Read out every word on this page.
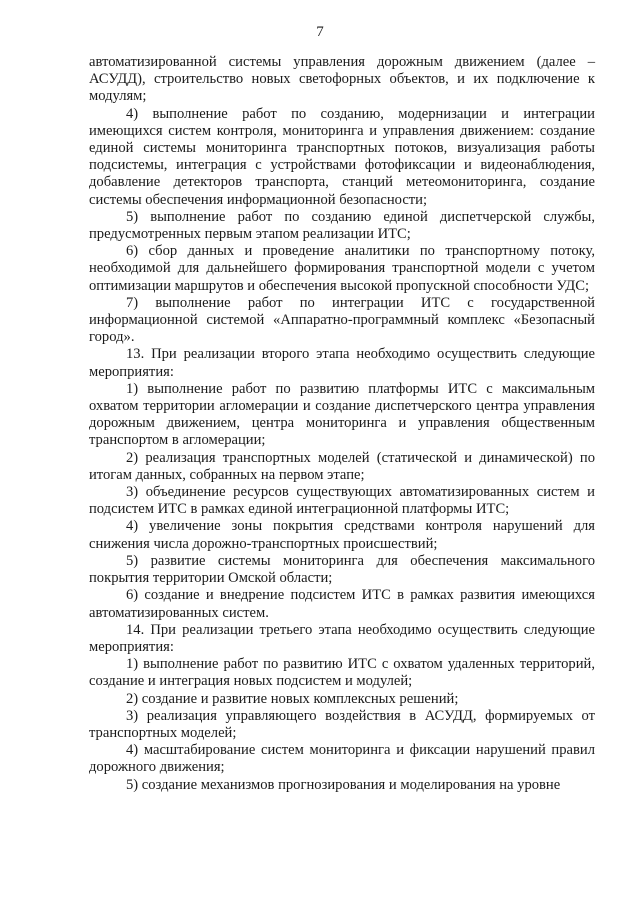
7

автоматизированной системы управления дорожным движением (далее – АСУДД), строительство новых светофорных объектов, и их подключение к модулям;

4) выполнение работ по созданию, модернизации и интеграции имеющихся систем контроля, мониторинга и управления движением: создание единой системы мониторинга транспортных потоков, визуализация работы подсистемы, интеграция с устройствами фотофиксации и видеонаблюдения, добавление детекторов транспорта, станций метеомониторинга, создание системы обеспечения информационной безопасности;

5) выполнение работ по созданию единой диспетчерской службы, предусмотренных первым этапом реализации ИТС;

6) сбор данных и проведение аналитики по транспортному потоку, необходимой для дальнейшего формирования транспортной модели с учетом оптимизации маршрутов и обеспечения высокой пропускной способности УДС;

7) выполнение работ по интеграции ИТС с государственной информационной системой «Аппаратно-программный комплекс «Безопасный город».

13. При реализации второго этапа необходимо осуществить следующие мероприятия:

1) выполнение работ по развитию платформы ИТС с максимальным охватом территории агломерации и создание диспетчерского центра управления дорожным движением, центра мониторинга и управления общественным транспортом в агломерации;

2) реализация транспортных моделей (статической и динамической) по итогам данных, собранных на первом этапе;

3) объединение ресурсов существующих автоматизированных систем и подсистем ИТС в рамках единой интеграционной платформы ИТС;

4) увеличение зоны покрытия средствами контроля нарушений для снижения числа дорожно-транспортных происшествий;

5) развитие системы мониторинга для обеспечения максимального покрытия территории Омской области;

6) создание и внедрение подсистем ИТС в рамках развития имеющихся автоматизированных систем.

14. При реализации третьего этапа необходимо осуществить следующие мероприятия:

1) выполнение работ по развитию ИТС с охватом удаленных территорий, создание и интеграция новых подсистем и модулей;

2) создание и развитие новых комплексных решений;

3) реализация управляющего воздействия в АСУДД, формируемых от транспортных моделей;

4) масштабирование систем мониторинга и фиксации нарушений правил дорожного движения;

5) создание механизмов прогнозирования и моделирования на уровне
